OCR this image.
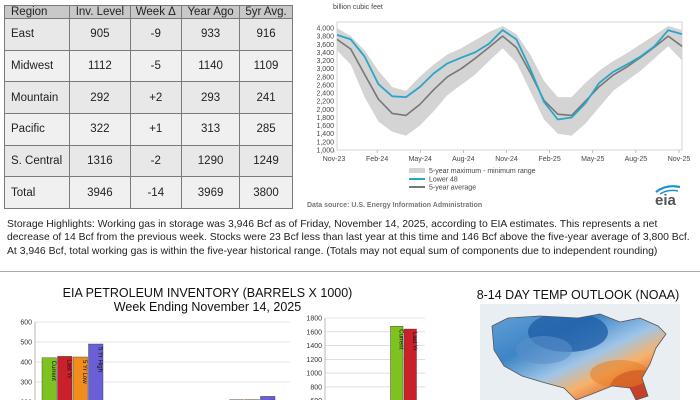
Region	Inv. Level	Week Δ	Year Ago	5yr Avg.
East	905	-9	933	916
Midwest	1112	-5	1140	1109
Mountain	292	+2	293	241
Pacific	322	+1	313	285
S. Central	1316	-2	1290	1249
Total	3946	-14	3969	3800
billion cubic feet
1,000
1,200
1,400
1,600
1,800
2,000
2,200
2,400
2,600
2,800
3,000
3,200
3,400
3,600
3,800
4,000
Nov-23	Feb-24	May-24	Aug-24	Nov-24	Feb-25	May-25	Aug-25	Nov-25
5-year maximum - minimum range
Lower 48
5-year average
Data source: U.S. Energy Information Administration	eia
Storage Highlights: Working gas in storage was 3,946 Bcf as of Friday, November 14, 2025, according to EIA estimates. This represents a net decrease of 14 Bcf from the previous week. Stocks were 23 Bcf less than last year at this time and 146 Bcf above the five-year average of 3,800 Bcf. At 3,946 Bcf, total working gas is within the five-year historical range. (Totals may not equal sum of components due to independent rounding)
EIA PETROLEUM INVENTORY (BARRELS X 1000)
Week Ending November 14, 2025
300
400
500
600
Current Last Yr 5 Yr Low 5 Yr High
800
1000
1200
1400
1600
1800
Current Last Yr
8-14 DAY TEMP OUTLOOK (NOAA)
